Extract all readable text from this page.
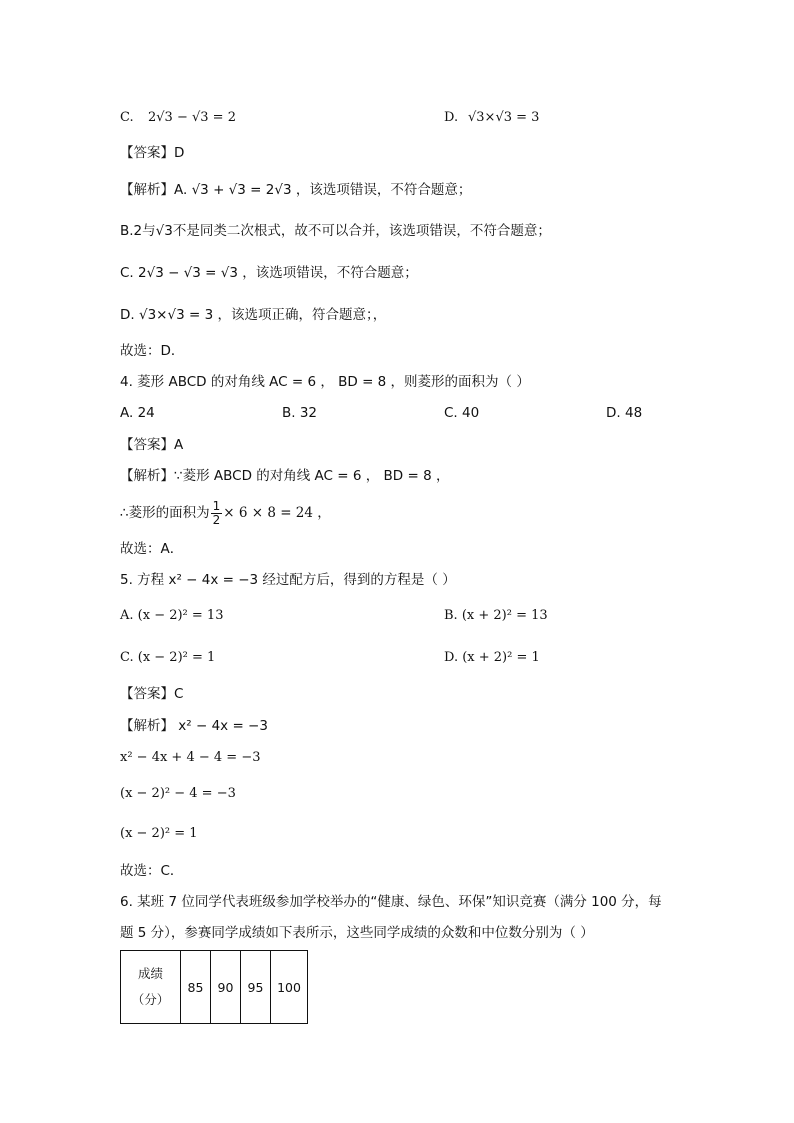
C. 2√3 − √3 = 2	D. √3×√3 = 3
【答案】D
【解析】A. √3 + √3 = 2√3 ，该选项错误，不符合题意；
B.2与√3不是同类二次根式，故不可以合并，该选项错误，不符合题意；
C. 2√3 − √3 = √3 ，该选项错误，不符合题意；
D. √3×√3 = 3 ，该选项正确，符合题意；，
故选：D．
4. 菱形 ABCD 的对角线 AC = 6 ， BD = 8 ，则菱形的面积为（ ）
A. 24	B. 32	C. 40	D. 48
【答案】A
【解析】∵菱形 ABCD 的对角线 AC = 6 ， BD = 8 ，
∴菱形的面积为 $\frac{1}{2} \times 6 \times 8 = 24$ ，
故选：A．
5. 方程 x² − 4x = −3 经过配方后，得到的方程是（ ）
A. (x − 2)² = 13	B. (x + 2)² = 13
C. (x − 2)² = 1	D. (x + 2)² = 1
【答案】C
【解析】 x² − 4x = −3
x² − 4x + 4 − 4 = −3
(x − 2)² − 4 = −3
(x − 2)² = 1
故选：C．
6. 某班 7 位同学代表班级参加学校举办的“健康、绿色、环保”知识竞赛（满分 100 分，每
题 5 分），参赛同学成绩如下表所示，这些同学成绩的众数和中位数分别为（ ）
成绩
（分）
	85	90	95	100
